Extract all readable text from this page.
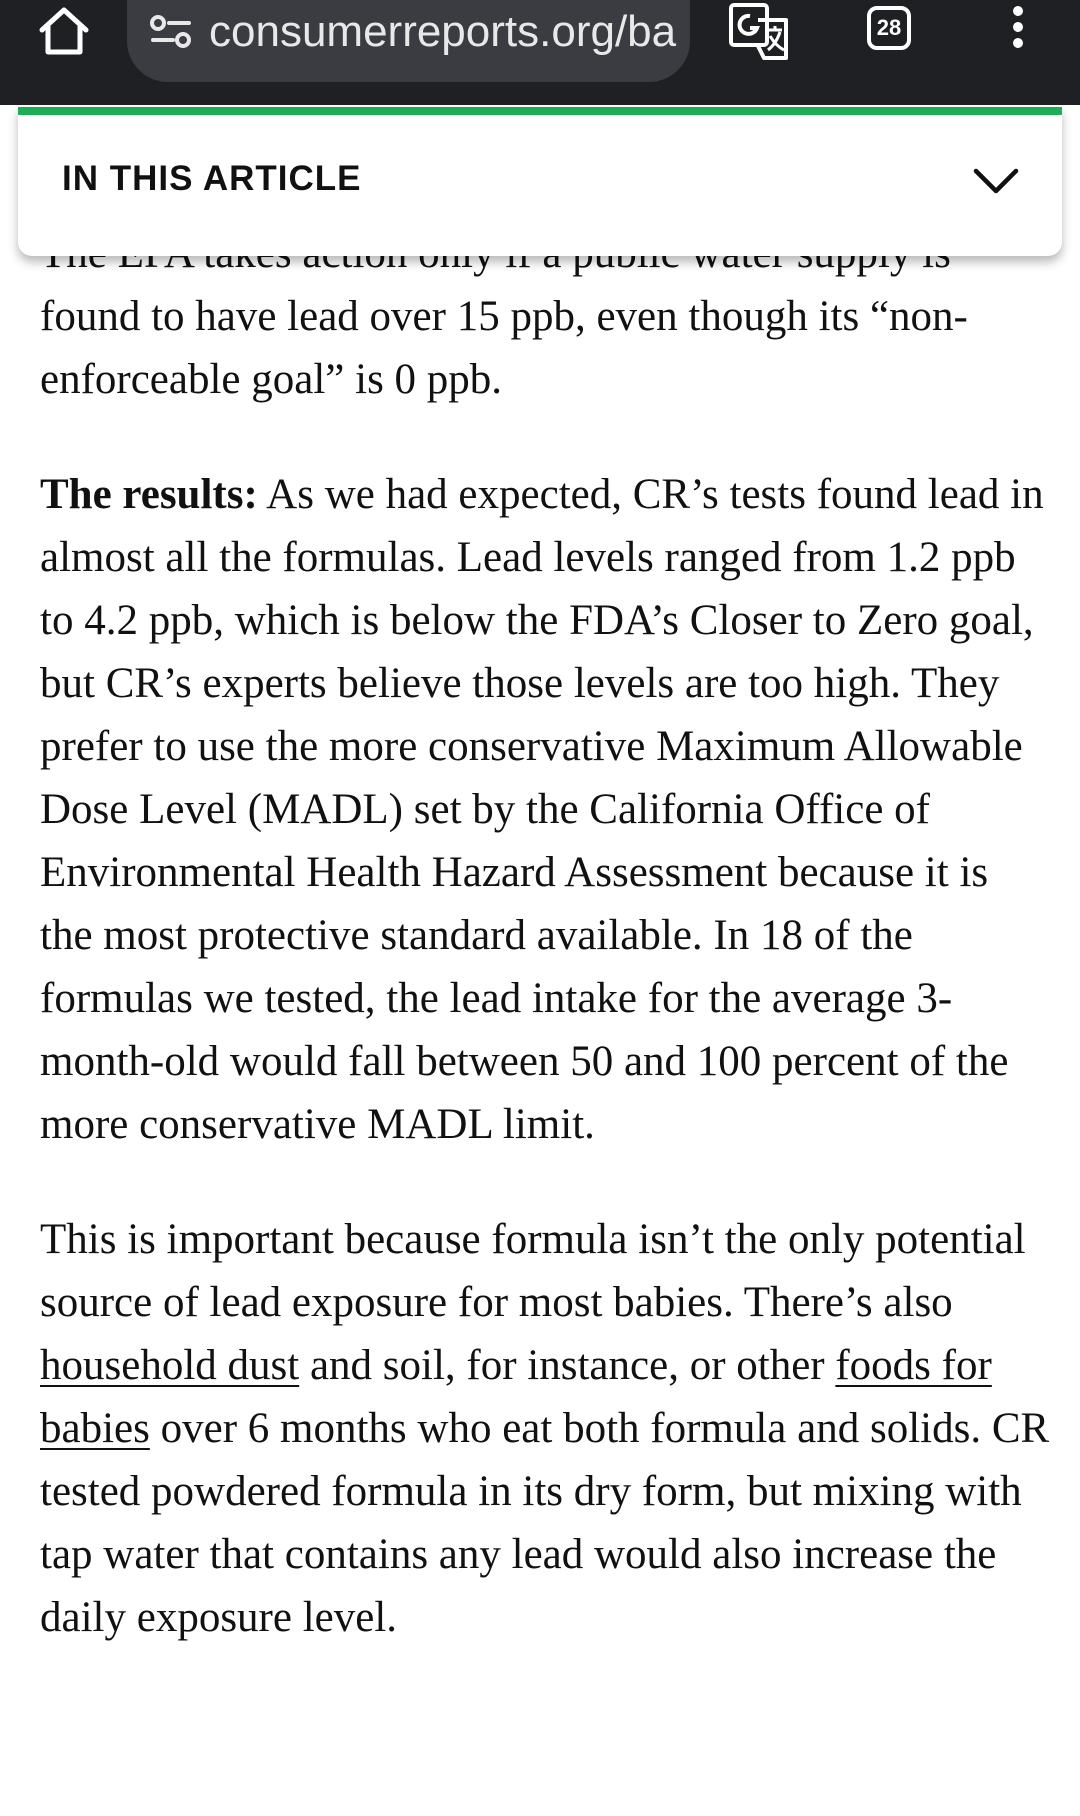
consumerreports.org/ba	28
IN THIS ARTICLE

found to have lead over 15 ppb, even though its “non-enforceable goal” is 0 ppb.

The results: As we had expected, CR’s tests found lead in almost all the formulas. Lead levels ranged from 1.2 ppb to 4.2 ppb, which is below the FDA’s Closer to Zero goal, but CR’s experts believe those levels are too high. They prefer to use the more conservative Maximum Allowable Dose Level (MADL) set by the California Office of Environmental Health Hazard Assessment because it is the most protective standard available. In 18 of the formulas we tested, the lead intake for the average 3-month-old would fall between 50 and 100 percent of the more conservative MADL limit.

This is important because formula isn’t the only potential source of lead exposure for most babies. There’s also household dust and soil, for instance, or other foods for babies over 6 months who eat both formula and solids. CR tested powdered formula in its dry form, but mixing with tap water that contains any lead would also increase the daily exposure level.
